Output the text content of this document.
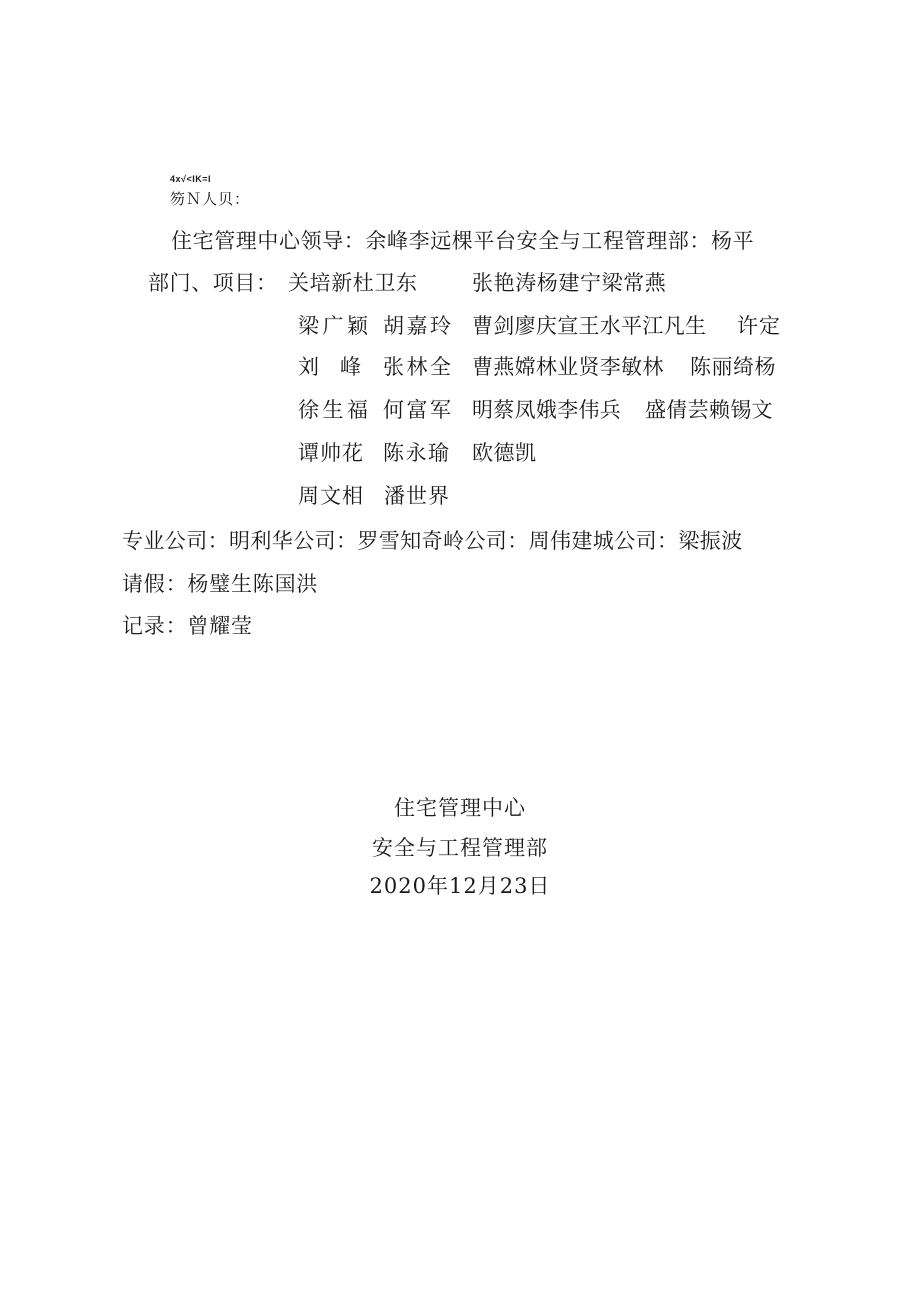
4x√<IK=I
笏Ｎ人贝：
住宅管理中心领导：余峰李远棵平台安全与工程管理部：杨平
部门、项目： 关培新杜卫东	张艳涛杨建宁梁常燕
梁广颖 胡嘉玲 曹剑廖庆宣王水平江凡生 许定
刘　峰 张林全 曹燕嫦林业贤李敏林 陈丽绮杨
徐生福 何富军 明蔡凤娥李伟兵 盛倩芸赖锡文
谭帅花 陈永瑜 欧德凯
周文相 潘世界
专业公司：明利华公司：罗雪知奇岭公司：周伟建城公司：梁振波
请假：杨璧生陈国洪
记录：曾耀莹
住宅管理中心
安全与工程管理部
2020年12月23日
